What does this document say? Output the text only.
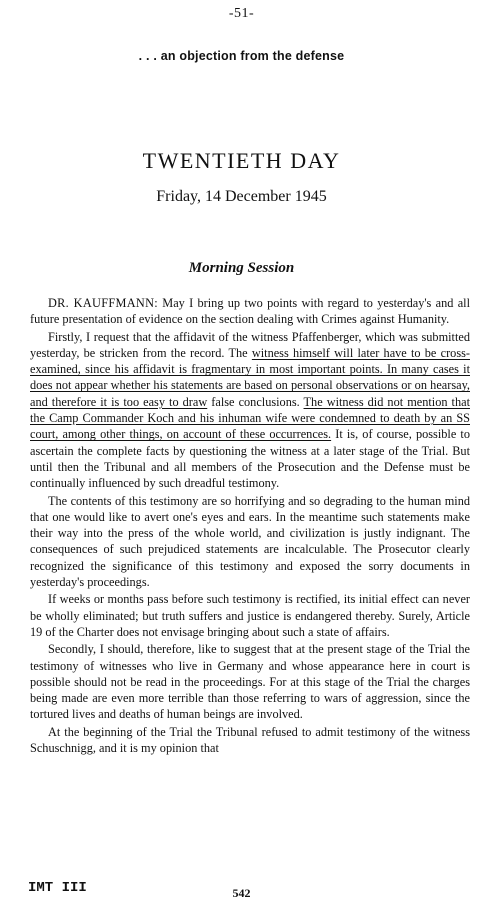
-51-
. . . an objection from the defense
TWENTIETH DAY
Friday, 14 December 1945
Morning Session

DR. KAUFFMANN: May I bring up two points with regard to yesterday's and all future presentation of evidence on the section dealing with Crimes against Humanity.

Firstly, I request that the affidavit of the witness Pfaffenberger, which was submitted yesterday, be stricken from the record. The witness himself will later have to be cross-examined, since his affidavit is fragmentary in most important points. In many cases it does not appear whether his statements are based on personal observations or on hearsay, and therefore it is too easy to draw false conclusions. The witness did not mention that the Camp Commander Koch and his inhuman wife were condemned to death by an SS court, among other things, on account of these occurrences. It is, of course, possible to ascertain the complete facts by questioning the witness at a later stage of the Trial. But until then the Tribunal and all members of the Prosecution and the Defense must be continually influenced by such dreadful testimony.

The contents of this testimony are so horrifying and so degrading to the human mind that one would like to avert one's eyes and ears. In the meantime such statements make their way into the press of the whole world, and civilization is justly indignant. The consequences of such prejudiced statements are incalculable. The Prosecutor clearly recognized the significance of this testimony and exposed the sorry documents in yesterday's proceedings.

If weeks or months pass before such testimony is rectified, its initial effect can never be wholly eliminated; but truth suffers and justice is endangered thereby. Surely, Article 19 of the Charter does not envisage bringing about such a state of affairs.

Secondly, I should, therefore, like to suggest that at the present stage of the Trial the testimony of witnesses who live in Germany and whose appearance here in court is possible should not be read in the proceedings. For at this stage of the Trial the charges being made are even more terrible than those referring to wars of aggression, since the tortured lives and deaths of human beings are involved.

At the beginning of the Trial the Tribunal refused to admit testimony of the witness Schuschnigg, and it is my opinion that

IMT III	542
